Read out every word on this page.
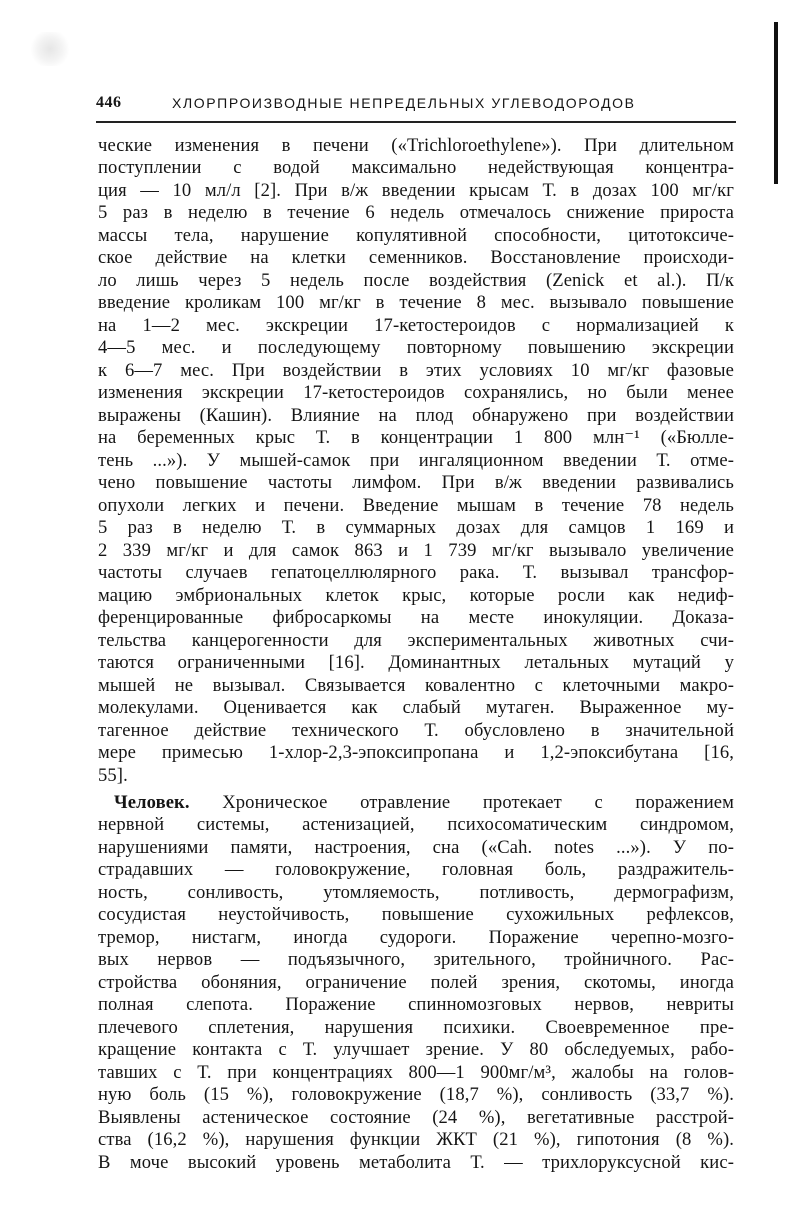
446	ХЛОРПРОИЗВОДНЫЕ НЕПРЕДЕЛЬНЫХ УГЛЕВОДОРОДОВ
ческие изменения в печени («Trichloroethylene»). При длительном
поступлении с водой максимально недействующая концентра-
ция — 10 мл/л [2]. При в/ж введении крысам Т. в дозах 100 мг/кг
5 раз в неделю в течение 6 недель отмечалось снижение прироста
массы тела, нарушение копулятивной способности, цитотоксиче-
ское действие на клетки семенников. Восстановление происходи-
ло лишь через 5 недель после воздействия (Zenick et al.). П/к
введение кроликам 100 мг/кг в течение 8 мес. вызывало повышение
на 1—2 мес. экскреции 17-кетостероидов с нормализацией к
4—5 мес. и последующему повторному повышению экскреции
к 6—7 мес. При воздействии в этих условиях 10 мг/кг фазовые
изменения экскреции 17-кетостероидов сохранялись, но были менее
выражены (Кашин). Влияние на плод обнаружено при воздействии
на беременных крыс Т. в концентрации 1 800 млн⁻¹ («Бюлле-
тень ...»). У мышей-самок при ингаляционном введении Т. отме-
чено повышение частоты лимфом. При в/ж введении развивались
опухоли легких и печени. Введение мышам в течение 78 недель
5 раз в неделю Т. в суммарных дозах для самцов 1 169 и
2 339 мг/кг и для самок 863 и 1 739 мг/кг вызывало увеличение
частоты случаев гепатоцеллюлярного рака. Т. вызывал трансфор-
мацию эмбриональных клеток крыс, которые росли как недиф-
ференцированные фибросаркомы на месте инокуляции. Доказа-
тельства канцерогенности для экспериментальных животных счи-
таются ограниченными [16]. Доминантных летальных мутаций у
мышей не вызывал. Связывается ковалентно с клеточными макро-
молекулами. Оценивается как слабый мутаген. Выраженное му-
тагенное действие технического Т. обусловлено в значительной
мере примесью 1-хлор-2,3-эпоксипропана и 1,2-эпоксибутана [16,
55].
Человек. Хроническое отравление протекает с поражением
нервной системы, астенизацией, психосоматическим синдромом,
нарушениями памяти, настроения, сна («Cah. notes ...»). У по-
страдавших — головокружение, головная боль, раздражитель-
ность, сонливость, утомляемость, потливость, дермографизм,
сосудистая неустойчивость, повышение сухожильных рефлексов,
тремор, нистагм, иногда судороги. Поражение черепно-мозго-
вых нервов — подъязычного, зрительного, тройничного. Рас-
стройства обоняния, ограничение полей зрения, скотомы, иногда
полная слепота. Поражение спинномозговых нервов, невриты
плечевого сплетения, нарушения психики. Своевременное пре-
кращение контакта с Т. улучшает зрение. У 80 обследуемых, рабо-
тавших с Т. при концентрациях 800—1 900мг/м³, жалобы на голов-
ную боль (15 %), головокружение (18,7 %), сонливость (33,7 %).
Выявлены астеническое состояние (24 %), вегетативные расстрой-
ства (16,2 %), нарушения функции ЖКТ (21 %), гипотония (8 %).
В моче высокий уровень метаболита Т. — трихлоруксусной кис-
